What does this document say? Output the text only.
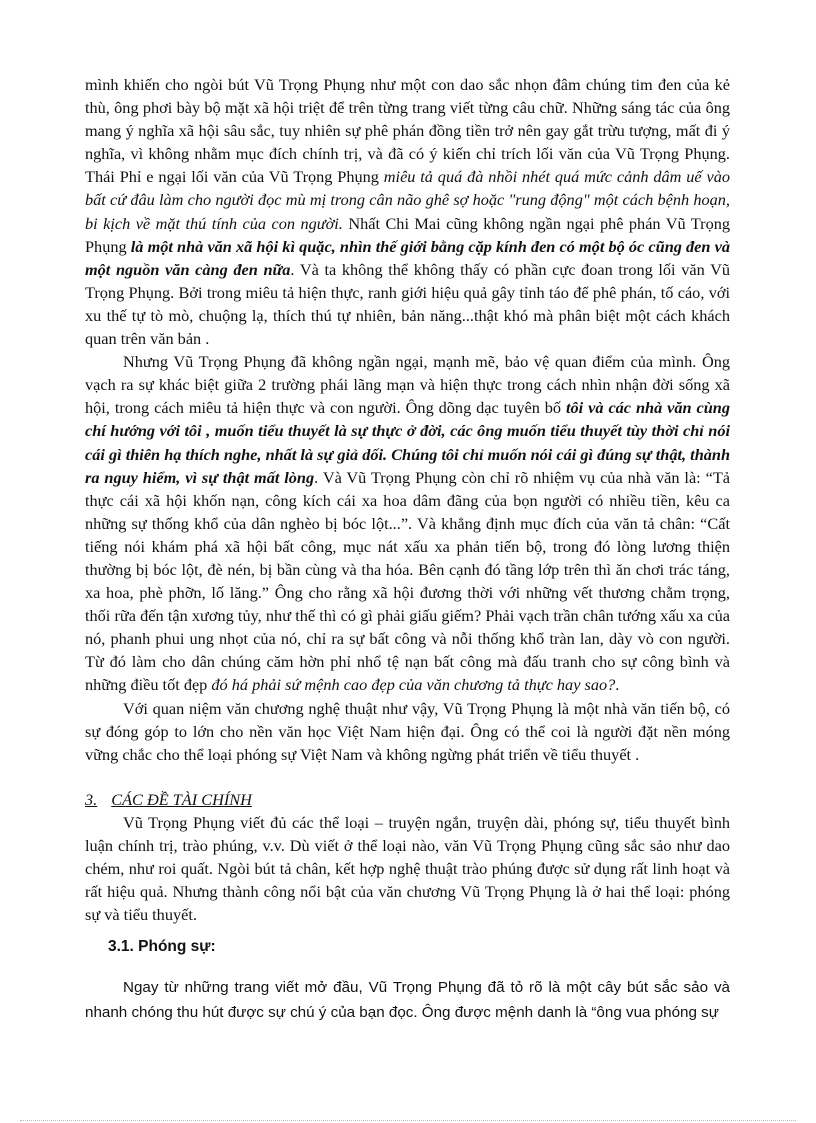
mình khiến cho ngòi bút Vũ Trọng Phụng như một con dao sắc nhọn đâm chúng tim đen của kẻ thù, ông phơi bày bộ mặt xã hội triệt để trên từng trang viết từng câu chữ. Những sáng tác của ông mang ý nghĩa xã hội sâu sắc, tuy nhiên sự phê phán đồng tiền trở nên gay gắt trừu tượng, mất đi ý nghĩa, vì không nhằm mục đích chính trị, và đã có ý kiến chỉ trích lối văn của Vũ Trọng Phụng. Thái Phỉ e ngại lối văn của Vũ Trọng Phụng miêu tả quá đà nhồi nhét quá mức cảnh dâm uế vào bất cứ đâu làm cho người đọc mù mị trong cân não ghê sợ hoặc "rung động" một cách bệnh hoạn, bi kịch về mặt thú tính của con người. Nhất Chi Mai cũng không ngần ngại phê phán Vũ Trọng Phụng là một nhà văn xã hội kì quặc, nhìn thế giới bằng cặp kính đen có một bộ óc cũng đen và một nguồn văn càng đen nữa. Và ta không thể không thấy có phần cực đoan trong lối văn Vũ Trọng Phụng. Bởi trong miêu tả hiện thực, ranh giới hiệu quả gây tỉnh táo để phê phán, tố cáo, với xu thế tự tò mò, chuộng lạ, thích thú tự nhiên, bản năng...thật khó mà phân biệt một cách khách quan trên văn bản .

Nhưng Vũ Trọng Phụng đã không ngần ngại, mạnh mẽ, bảo vệ quan điểm của mình. Ông vạch ra sự khác biệt giữa 2 trường phái lãng mạn và hiện thực trong cách nhìn nhận đời sống xã hội, trong cách miêu tả hiện thực và con người. Ông dõng dạc tuyên bố tôi và các nhà văn cùng chí hướng với tôi , muốn tiểu thuyết là sự thực ở đời, các ông muốn tiểu thuyết tùy thời chỉ nói cái gì thiên hạ thích nghe, nhất là sự giả dối. Chúng tôi chỉ muốn nói cái gì đúng sự thật, thành ra nguy hiểm, vì sự thật mất lòng. Và Vũ Trọng Phụng còn chỉ rõ nhiệm vụ của nhà văn là: “Tả thực cái xã hội khốn nạn, công kích cái xa hoa dâm đãng của bọn người có nhiều tiền, kêu ca những sự thống khổ của dân nghèo bị bóc lột...”. Và khẳng định mục đích của văn tả chân: “Cất tiếng nói khám phá xã hội bất công, mục nát xấu xa phản tiến bộ, trong đó lòng lương thiện thường bị bóc lột, đè nén, bị bần cùng và tha hóa. Bên cạnh đó tầng lớp trên thì ăn chơi trác táng, xa hoa, phè phỡn, lố lăng.” Ông cho rằng xã hội đương thời với những vết thương chằm trọng, thối rữa đến tận xương tủy, như thế thì có gì phải giấu giếm? Phải vạch trần chân tướng xấu xa của nó, phanh phui ung nhọt của nó, chỉ ra sự bất công và nỗi thống khổ tràn lan, dày vò con người. Từ đó làm cho dân chúng căm hờn phỉ nhổ tệ nạn bất công mà đấu tranh cho sự công bình và những điều tốt đẹp đó há phải sứ mệnh cao đẹp của văn chương tả thực hay sao?.

Với quan niệm văn chương nghệ thuật như vậy, Vũ Trọng Phụng là một nhà văn tiến bộ, có sự đóng góp to lớn cho nền văn học Việt Nam hiện đại. Ông có thể coi là người đặt nền móng vững chắc cho thể loại phóng sự Việt Nam và không ngừng phát triển về tiểu thuyết .

3. CÁC ĐỀ TÀI CHÍNH

Vũ Trọng Phụng viết đủ các thể loại – truyện ngắn, truyện dài, phóng sự, tiểu thuyết bình luận chính trị, trào phúng, v.v. Dù viết ở thể loại nào, văn Vũ Trọng Phụng cũng sắc sảo như dao chém, như roi quất. Ngòi bút tả chân, kết hợp nghệ thuật trào phúng được sử dụng rất linh hoạt và rất hiệu quả. Nhưng thành công nổi bật của văn chương Vũ Trọng Phụng là ở hai thể loại: phóng sự và tiểu thuyết.

3.1. Phóng sự:

Ngay từ những trang viết mở đầu, Vũ Trọng Phụng đã tỏ rõ là một cây bút sắc sảo và nhanh chóng thu hút được sự chú ý của bạn đọc. Ông được mệnh danh là “ông vua phóng sự
